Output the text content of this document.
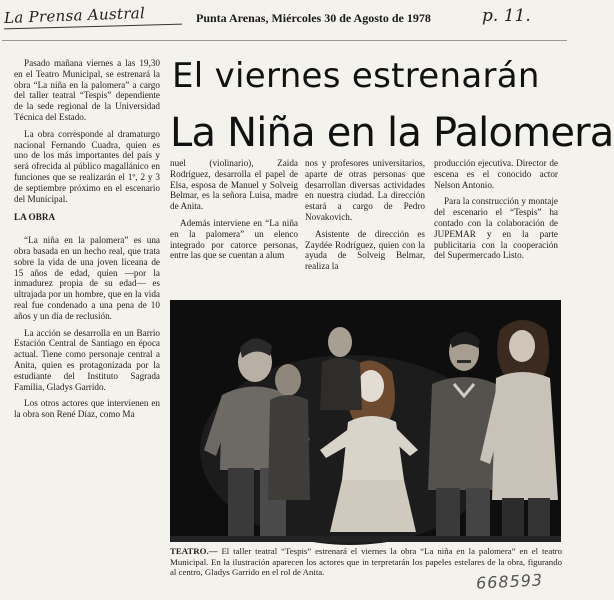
La Prensa Austral	Punta Arenas, Miércoles 30 de Agosto de 1978	p. 11.
El viernes estrenarán
La Niña en la Palomera

Pasado mañana viernes a las 19,30 en el Teatro Municipal, se estrenará la obra “La niña en la palomera” a cargo del taller teatral “Tespis” dependiente de la sede regional de la Universidad Técnica del Estado.

La obra corresponde al dramaturgo nacional Fernando Cuadra, quien es uno de los más importantes del país y será ofrecida al público magallánico en funciones que se realizarán el 1º, 2 y 3 de septiembre próximo en el escenario del Municipal.

LA OBRA

“La niña en la palomera” es una obra basada en un hecho real, que trata sobre la vida de una joven liceana de 15 años de edad, quien —por la inmadurez propia de su edad— es ultrajada por un hombre, que en la vida real fue condenado a una pena de 10 años y un día de reclusión.

La acción se desarrolla en un Barrio Estación Central de Santiago en época actual. Tiene como personaje central a Anita, quien es protagonizada por la estudiante del Instituto Sagrada Familia, Gladys Garrido.

Los otros actores que intervienen en la obra son René Díaz, como Ma

nuel (violinario), Zaida Rodríguez, desarrolla el papel de Elsa, esposa de Manuel y Solveig Belmar, es la señora Luisa, madre de Anita.

Además interviene en “La niña en la palomera” un elenco integrado por catorce personas, entre las que se cuentan a alum

nos y profesores universitarios, aparte de otras personas que desarrollan diversas actividades en nuestra ciudad. La dirección estará a cargo de Pedro Novakovich.

Asistente de dirección es Zaydée Rodríguez, quien con la ayuda de Solveig Belmar, realiza la

producción ejecutiva. Director de escena es el conocido actor Nelson Antonio.

Para la construcción y montaje del escenario el “Tespis” ha contado con la colaboración de JUPEMAR y en la parte publicitaria con la cooperación del Supermercado Listo.

TEATRO.— El taller teatral “Tespis” estrenará el viernes la obra “La niña en la palomera” en el teatro Municipal. En la ilustración aparecen los actores que in terpretarán los papeles estelares de la obra, figurando al centro, Gladys Garrido en el rol de Anita.	668593
